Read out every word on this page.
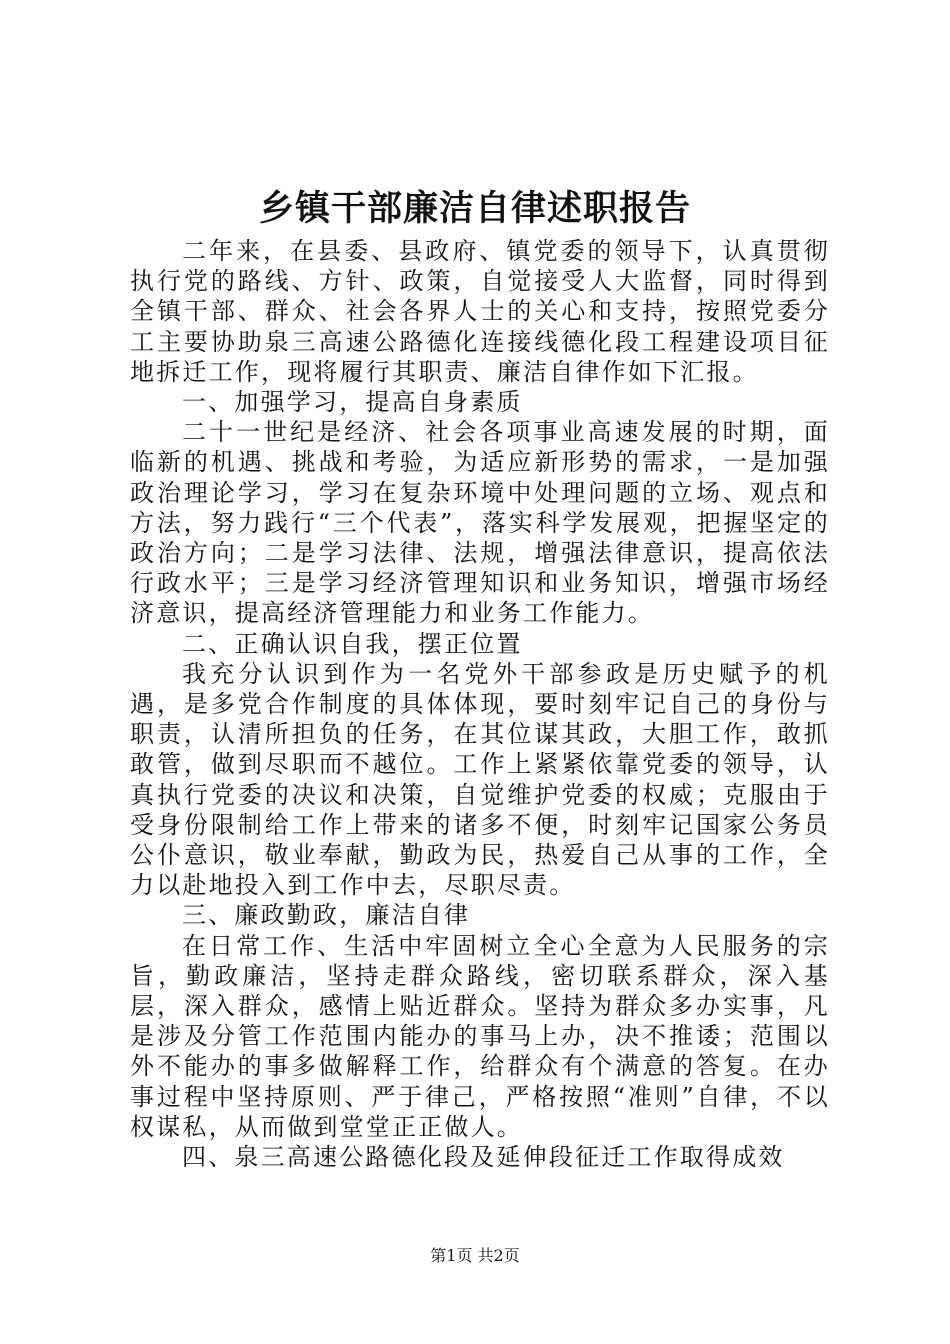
乡镇干部廉洁自律述职报告

二年来，在县委、县政府、镇党委的领导下，认真贯彻执行党的路线、方针、政策，自觉接受人大监督，同时得到全镇干部、群众、社会各界人士的关心和支持，按照党委分工主要协助泉三高速公路德化连接线德化段工程建设项目征地拆迁工作，现将履行其职责、廉洁自律作如下汇报。

一、加强学习，提高自身素质

二十一世纪是经济、社会各项事业高速发展的时期，面临新的机遇、挑战和考验，为适应新形势的需求，一是加强政治理论学习，学习在复杂环境中处理问题的立场、观点和方法，努力践行“三个代表”，落实科学发展观，把握坚定的政治方向；二是学习法律、法规，增强法律意识，提高依法行政水平；三是学习经济管理知识和业务知识，增强市场经济意识，提高经济管理能力和业务工作能力。

二、正确认识自我，摆正位置

我充分认识到作为一名党外干部参政是历史赋予的机遇，是多党合作制度的具体体现，要时刻牢记自己的身份与职责，认清所担负的任务，在其位谋其政，大胆工作，敢抓敢管，做到尽职而不越位。工作上紧紧依靠党委的领导，认真执行党委的决议和决策，自觉维护党委的权威；克服由于受身份限制给工作上带来的诸多不便，时刻牢记国家公务员公仆意识，敬业奉献，勤政为民，热爱自己从事的工作，全力以赴地投入到工作中去，尽职尽责。

三、廉政勤政，廉洁自律

在日常工作、生活中牢固树立全心全意为人民服务的宗旨，勤政廉洁，坚持走群众路线，密切联系群众，深入基层，深入群众，感情上贴近群众。坚持为群众多办实事，凡是涉及分管工作范围内能办的事马上办，决不推诿；范围以外不能办的事多做解释工作，给群众有个满意的答复。在办事过程中坚持原则、严于律己，严格按照“准则”自律，不以权谋私，从而做到堂堂正正做人。

四、泉三高速公路德化段及延伸段征迁工作取得成效

第1页 共2页
